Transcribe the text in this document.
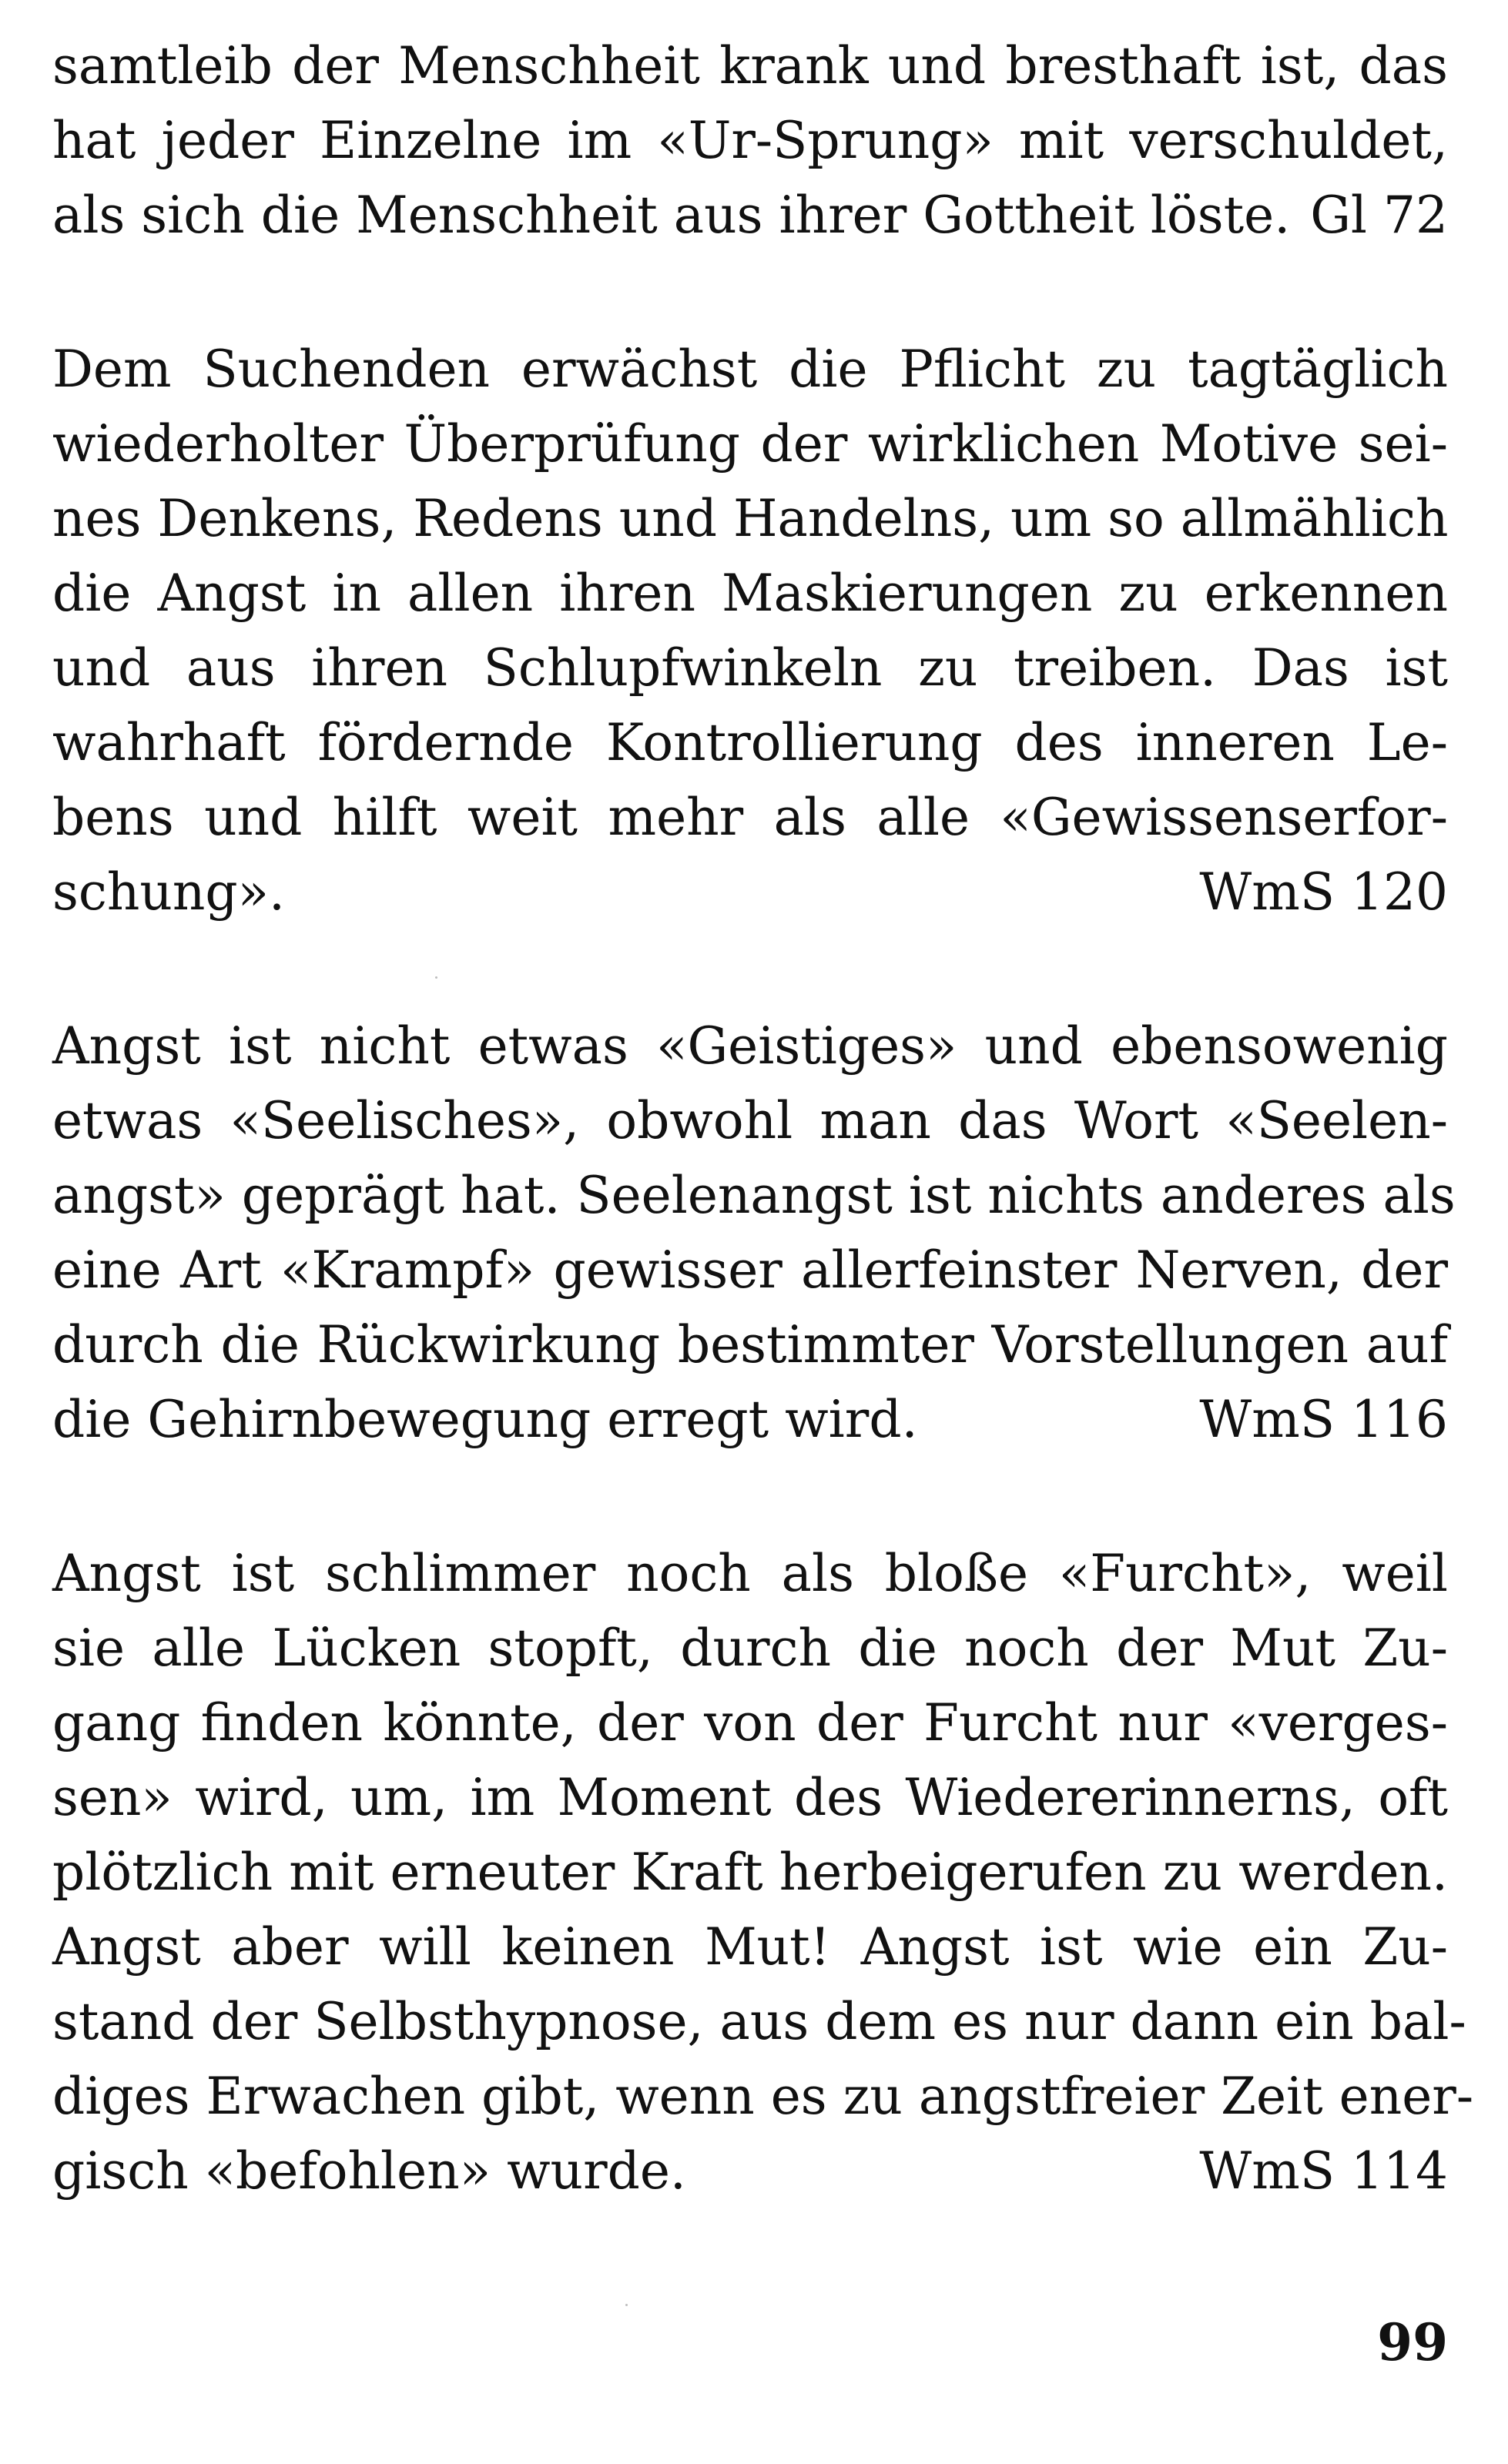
samtleib der Menschheit krank und bresthaft ist, das
hat jeder Einzelne im «Ur-Sprung» mit verschuldet,
als sich die Menschheit aus ihrer Gottheit löste. Gl 72
Dem Suchenden erwächst die Pflicht zu tagtäglich
wiederholter Überprüfung der wirklichen Motive sei-
nes Denkens, Redens und Handelns, um so allmählich
die Angst in allen ihren Maskierungen zu erkennen
und aus ihren Schlupfwinkeln zu treiben. Das ist
wahrhaft fördernde Kontrollierung des inneren Le-
bens und hilft weit mehr als alle «Gewissenserfor-
schung».	WmS 120
Angst ist nicht etwas «Geistiges» und ebensowenig
etwas «Seelisches», obwohl man das Wort «Seelen-
angst» geprägt hat. Seelenangst ist nichts anderes als
eine Art «Krampf» gewisser allerfeinster Nerven, der
durch die Rückwirkung bestimmter Vorstellungen auf
die Gehirnbewegung erregt wird.	WmS 116
Angst ist schlimmer noch als bloße «Furcht», weil
sie alle Lücken stopft, durch die noch der Mut Zu-
gang finden könnte, der von der Furcht nur «verges-
sen» wird, um, im Moment des Wiedererinnerns, oft
plötzlich mit erneuter Kraft herbeigerufen zu werden.
Angst aber will keinen Mut! Angst ist wie ein Zu-
stand der Selbsthypnose, aus dem es nur dann ein bal-
diges Erwachen gibt, wenn es zu angstfreier Zeit ener-
gisch «befohlen» wurde.	WmS 114
99
